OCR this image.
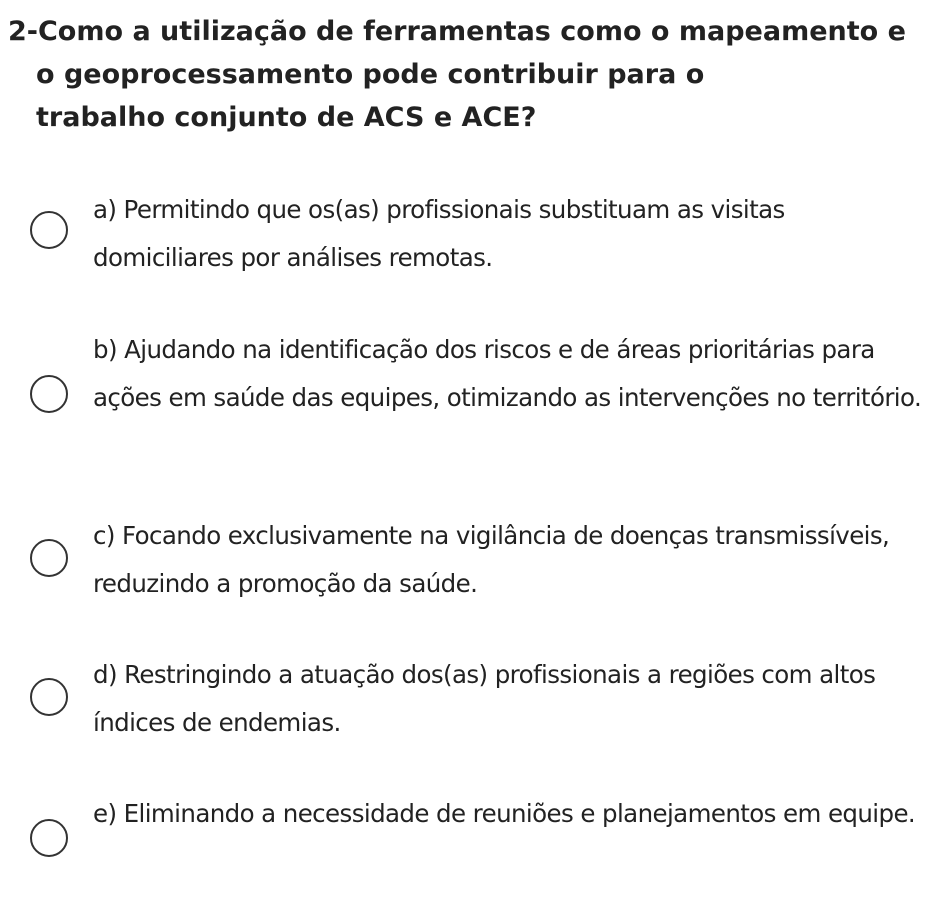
2-Como a utilização de ferramentas como o mapeamento e
o geoprocessamento pode contribuir para o trabalho conjunto de ACS e ACE?
a) Permitindo que os(as) profissionais substituam as visitas domiciliares por análises remotas.
b) Ajudando na identificação dos riscos e de áreas prioritárias para ações em saúde das equipes, otimizando as intervenções no território.
c) Focando exclusivamente na vigilância de doenças transmissíveis, reduzindo a promoção da saúde.
d) Restringindo a atuação dos(as) profissionais a regiões com altos índices de endemias.
e) Eliminando a necessidade de reuniões e planejamentos em equipe.
